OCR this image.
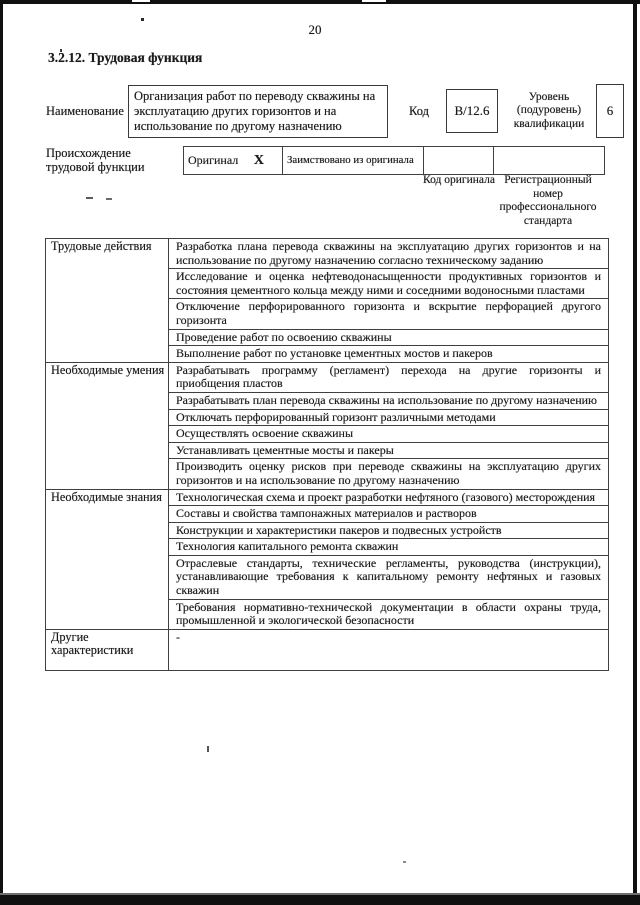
20
3.2.12. Трудовая функция
Наименование
Организация работ по переводу скважины на эксплуатацию других горизонтов и на использование по другому назначению
Код	В/12.6
Уровень (подуровень) квалификации
6
Происхождение трудовой функции	Оригинал X	Заимствовано из оригинала		
Код оригинала Регистрационный номер профессионального стандарта
Трудовые действия	Разработка плана перевода скважины на эксплуатацию других горизонтов и на использование по другому назначению согласно техническому заданию
	Исследование и оценка нефтеводонасыщенности продуктивных горизонтов и состояния цементного кольца между ними и соседними водоносными пластами
	Отключение перфорированного горизонта и вскрытие перфорацией другого горизонта
	Проведение работ по освоению скважины
	Выполнение работ по установке цементных мостов и пакеров
Необходимые умения	Разрабатывать программу (регламент) перехода на другие горизонты и приобщения пластов
	Разрабатывать план перевода скважины на использование по другому назначению
	Отключать перфорированный горизонт различными методами
	Осуществлять освоение скважины
	Устанавливать цементные мосты и пакеры
	Производить оценку рисков при переводе скважины на эксплуатацию других горизонтов и на использование по другому назначению
Необходимые знания	Технологическая схема и проект разработки нефтяного (газового) месторождения
	Составы и свойства тампонажных материалов и растворов
	Конструкции и характеристики пакеров и подвесных устройств
	Технология капитального ремонта скважин
	Отраслевые стандарты, технические регламенты, руководства (инструкции), устанавливающие требования к капитальному ремонту нефтяных и газовых скважин
	Требования нормативно-технической документации в области охраны труда, промышленной и экологической безопасности
Другие характеристики	-
